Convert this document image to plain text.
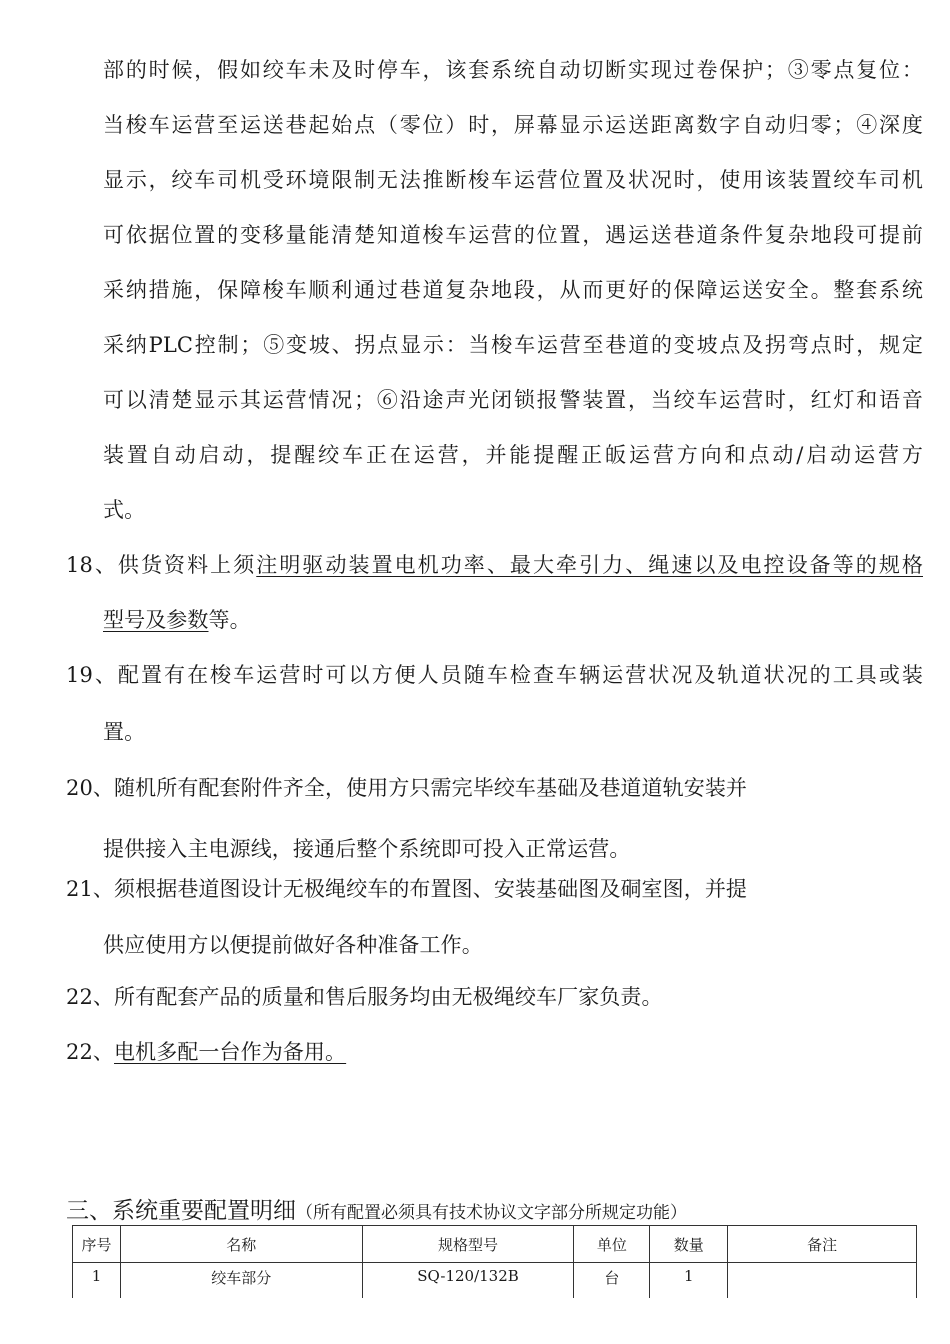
部的时候，假如绞车未及时停车，该套系统自动切断实现过卷保护；③零点复位：
当梭车运营至运送巷起始点（零位）时，屏幕显示运送距离数字自动归零；④深度
显示，绞车司机受环境限制无法推断梭车运营位置及状况时，使用该装置绞车司机
可依据位置的变移量能清楚知道梭车运营的位置，遇运送巷道条件复杂地段可提前
采纳措施，保障梭车顺利通过巷道复杂地段，从而更好的保障运送安全。整套系统
采纳PLC控制；⑤变坡、拐点显示：当梭车运营至巷道的变坡点及拐弯点时，规定
可以清楚显示其运营情况；⑥沿途声光闭锁报警装置，当绞车运营时，红灯和语音
装置自动启动，提醒绞车正在运营，并能提醒正皈运营方向和点动/启动运营方
式。
18、供货资料上须注明驱动装置电机功率、最大牵引力、绳速以及电控设备等的规格
型号及参数等。
19、配置有在梭车运营时可以方便人员随车检查车辆运营状况及轨道状况的工具或装
置。
20、随机所有配套附件齐全，使用方只需完毕绞车基础及巷道道轨安装并
提供接入主电源线，接通后整个系统即可投入正常运营。
21、须根据巷道图设计无极绳绞车的布置图、安装基础图及硐室图，并提
供应使用方以便提前做好各种准备工作。
22、所有配套产品的质量和售后服务均由无极绳绞车厂家负责。
22、电机多配一台作为备用。
三、系统重要配置明细（所有配置必须具有技术协议文字部分所规定功能）
序号	名称	规格型号	单位	数量	备注
1	绞车部分	SQ-120/132B	台	1	
